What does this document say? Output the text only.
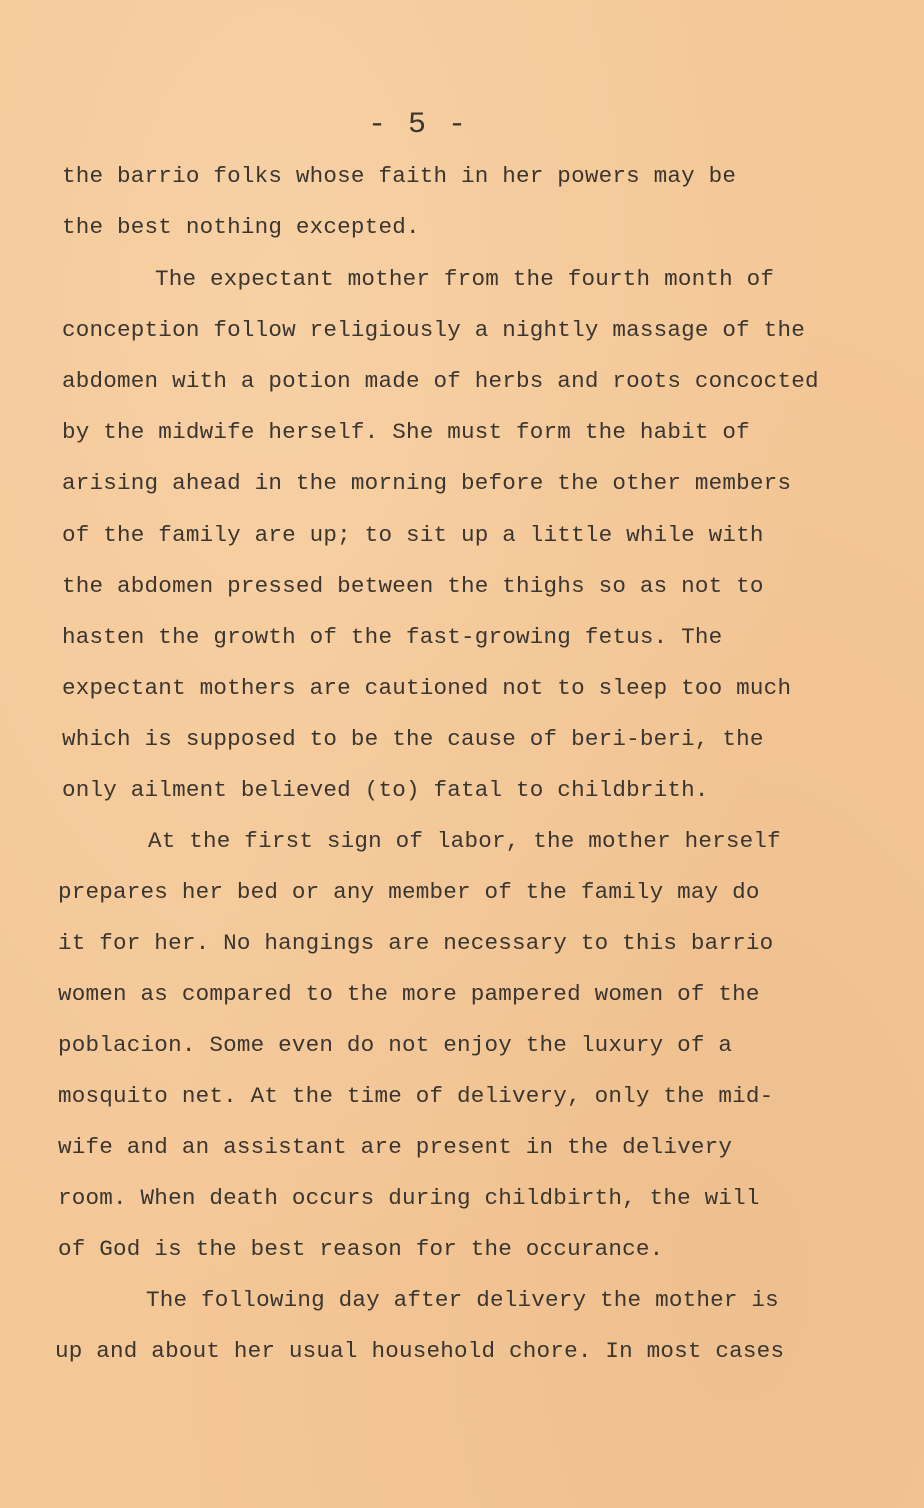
- 5 -
the barrio folks whose faith in her powers may be
the best nothing excepted.
The expectant mother from the fourth month of
conception follow religiously a nightly massage of the
abdomen with a potion made of herbs and roots concocted
by the midwife herself. She must form the habit of
arising ahead in the morning before the other members
of the family are up; to sit up a little while with
the abdomen pressed between the thighs so as not to
hasten the growth of the fast-growing fetus. The
expectant mothers are cautioned not to sleep too much
which is supposed to be the cause of beri-beri, the
only ailment believed (to) fatal to childbrith.
At the first sign of labor, the mother herself
prepares her bed or any member of the family may do
it for her. No hangings are necessary to this barrio
women as compared to the more pampered women of the
poblacion. Some even do not enjoy the luxury of a
mosquito net. At the time of delivery, only the mid-
wife and an assistant are present in the delivery
room. When death occurs during childbirth, the will
of God is the best reason for the occurance.
The following day after delivery the mother is
up and about her usual household chore. In most cases
